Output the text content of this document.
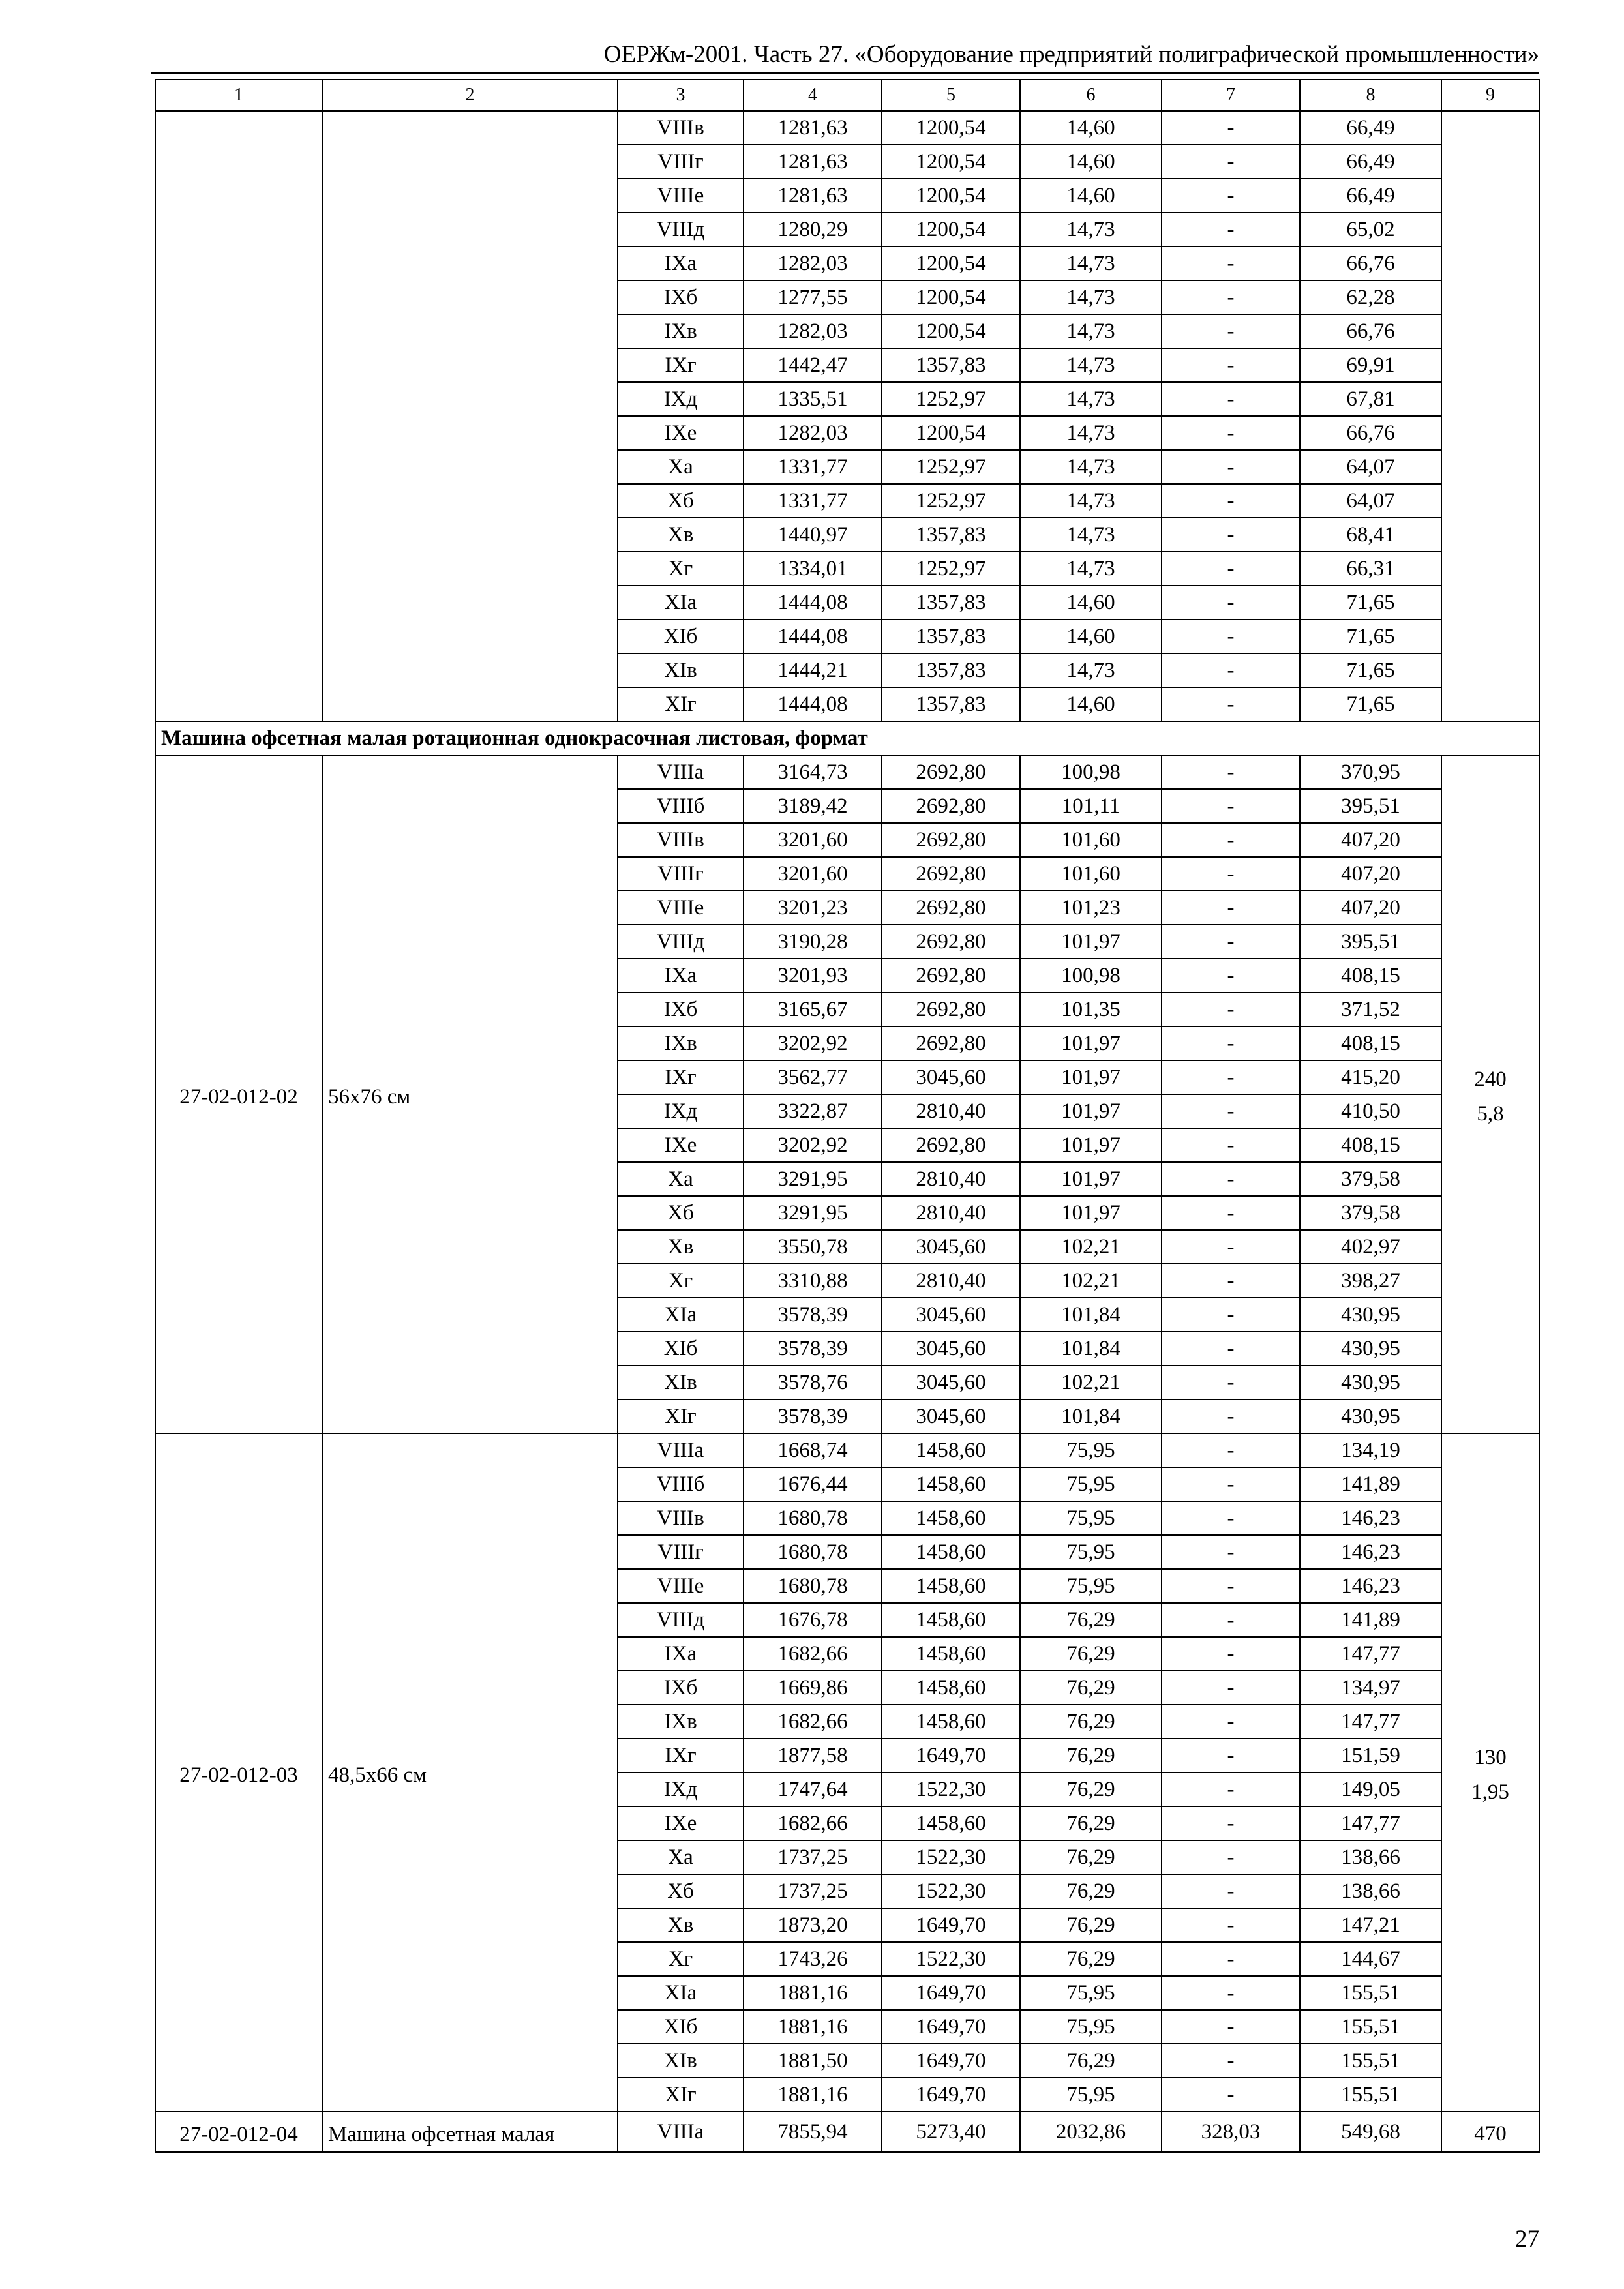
ОЕРЖм-2001. Часть 27. «Оборудование предприятий полиграфической промышленности»
1	2	3	4	5	6	7	8	9
		VIIIв	1281,63	1200,54	14,60	-	66,49	
		VIIIг	1281,63	1200,54	14,60	-	66,49	
		VIIIе	1281,63	1200,54	14,60	-	66,49	
		VIIIд	1280,29	1200,54	14,73	-	65,02	
		IXа	1282,03	1200,54	14,73	-	66,76	
		IXб	1277,55	1200,54	14,73	-	62,28	
		IXв	1282,03	1200,54	14,73	-	66,76	
		IXг	1442,47	1357,83	14,73	-	69,91	
		IXд	1335,51	1252,97	14,73	-	67,81	
		IXе	1282,03	1200,54	14,73	-	66,76	
		Xа	1331,77	1252,97	14,73	-	64,07	
		Xб	1331,77	1252,97	14,73	-	64,07	
		Xв	1440,97	1357,83	14,73	-	68,41	
		Xг	1334,01	1252,97	14,73	-	66,31	
		XIа	1444,08	1357,83	14,60	-	71,65	
		XIб	1444,08	1357,83	14,60	-	71,65	
		XIв	1444,21	1357,83	14,73	-	71,65	
		XIг	1444,08	1357,83	14,60	-	71,65	
Машина офсетная малая ротационная однокрасочная листовая, формат								
27-02-012-02	56х76 см	VIIIа	3164,73	2692,80	100,98	-	370,95	240
5,8

		VIIIб	3189,42	2692,80	101,11	-	395,51	
		VIIIв	3201,60	2692,80	101,60	-	407,20	
		VIIIг	3201,60	2692,80	101,60	-	407,20	
		VIIIе	3201,23	2692,80	101,23	-	407,20	
		VIIIд	3190,28	2692,80	101,97	-	395,51	
		IXа	3201,93	2692,80	100,98	-	408,15	
		IXб	3165,67	2692,80	101,35	-	371,52	
		IXв	3202,92	2692,80	101,97	-	408,15	
		IXг	3562,77	3045,60	101,97	-	415,20	
		IXд	3322,87	2810,40	101,97	-	410,50	
		IXе	3202,92	2692,80	101,97	-	408,15	
		Xа	3291,95	2810,40	101,97	-	379,58	
		Xб	3291,95	2810,40	101,97	-	379,58	
		Xв	3550,78	3045,60	102,21	-	402,97	
		Xг	3310,88	2810,40	102,21	-	398,27	
		XIа	3578,39	3045,60	101,84	-	430,95	
		XIб	3578,39	3045,60	101,84	-	430,95	
		XIв	3578,76	3045,60	102,21	-	430,95	
		XIг	3578,39	3045,60	101,84	-	430,95	
27-02-012-03	48,5х66 см	VIIIа	1668,74	1458,60	75,95	-	134,19	130
1,95

		VIIIб	1676,44	1458,60	75,95	-	141,89	
		VIIIв	1680,78	1458,60	75,95	-	146,23	
		VIIIг	1680,78	1458,60	75,95	-	146,23	
		VIIIе	1680,78	1458,60	75,95	-	146,23	
		VIIIд	1676,78	1458,60	76,29	-	141,89	
		IXа	1682,66	1458,60	76,29	-	147,77	
		IXб	1669,86	1458,60	76,29	-	134,97	
		IXв	1682,66	1458,60	76,29	-	147,77	
		IXг	1877,58	1649,70	76,29	-	151,59	
		IXд	1747,64	1522,30	76,29	-	149,05	
		IXе	1682,66	1458,60	76,29	-	147,77	
		Xа	1737,25	1522,30	76,29	-	138,66	
		Xб	1737,25	1522,30	76,29	-	138,66	
		Xв	1873,20	1649,70	76,29	-	147,21	
		Xг	1743,26	1522,30	76,29	-	144,67	
		XIа	1881,16	1649,70	75,95	-	155,51	
		XIб	1881,16	1649,70	75,95	-	155,51	
		XIв	1881,50	1649,70	76,29	-	155,51	
		XIг	1881,16	1649,70	75,95	-	155,51	
27-02-012-04	Машина офсетная малая	VIIIа	7855,94	5273,40	2032,86	328,03	549,68	470
27
